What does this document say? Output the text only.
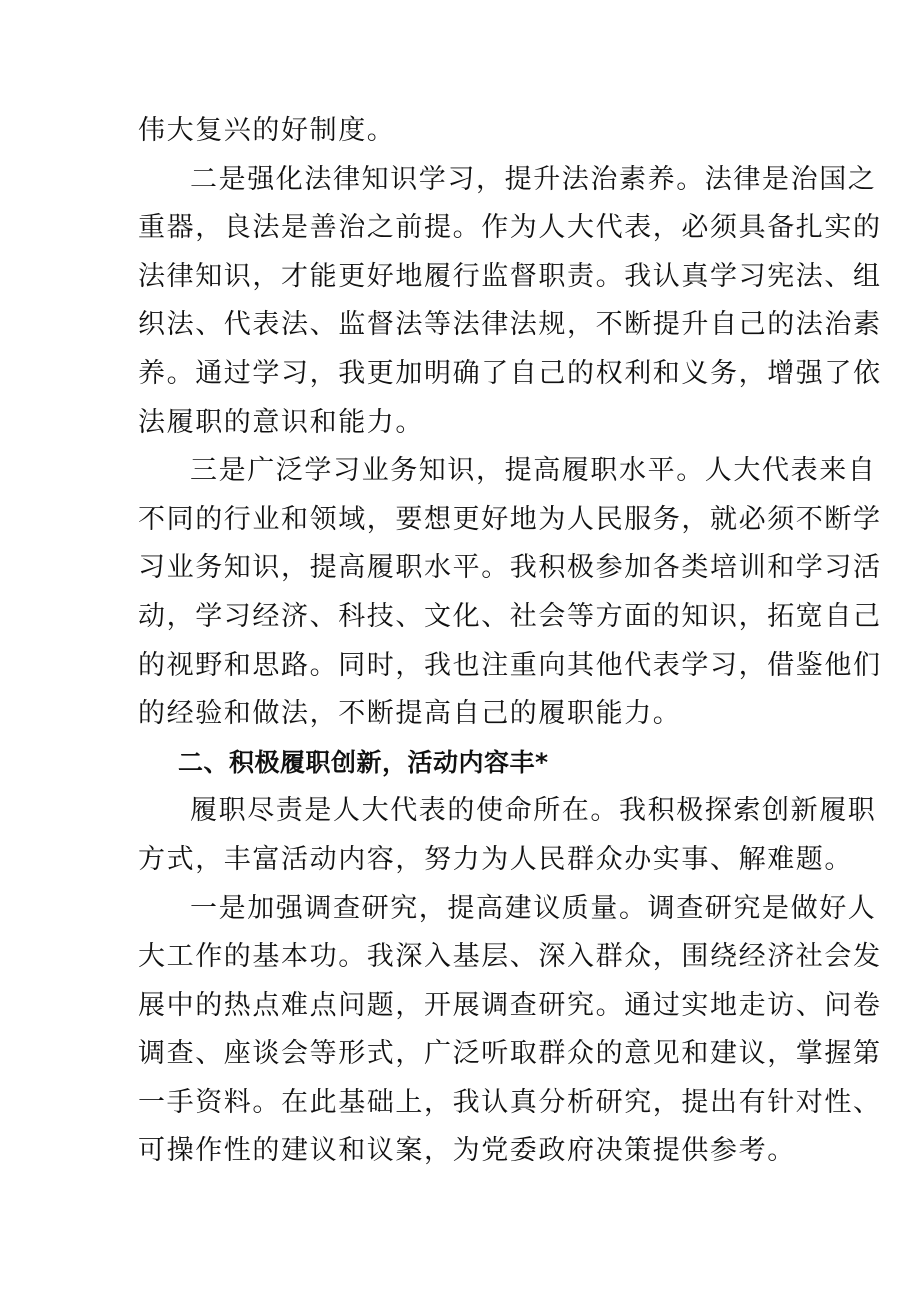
伟大复兴的好制度。
二是强化法律知识学习，提升法治素养。法律是治国之
重器，良法是善治之前提。作为人大代表，必须具备扎实的
法律知识，才能更好地履行监督职责。我认真学习宪法、组
织法、代表法、监督法等法律法规，不断提升自己的法治素
养。通过学习，我更加明确了自己的权利和义务，增强了依
法履职的意识和能力。
三是广泛学习业务知识，提高履职水平。人大代表来自
不同的行业和领域，要想更好地为人民服务，就必须不断学
习业务知识，提高履职水平。我积极参加各类培训和学习活
动，学习经济、科技、文化、社会等方面的知识，拓宽自己
的视野和思路。同时，我也注重向其他代表学习，借鉴他们
的经验和做法，不断提高自己的履职能力。
二、积极履职创新，活动内容丰*
履职尽责是人大代表的使命所在。我积极探索创新履职
方式，丰富活动内容，努力为人民群众办实事、解难题。
一是加强调查研究，提高建议质量。调查研究是做好人
大工作的基本功。我深入基层、深入群众，围绕经济社会发
展中的热点难点问题，开展调查研究。通过实地走访、问卷
调查、座谈会等形式，广泛听取群众的意见和建议，掌握第
一手资料。在此基础上，我认真分析研究，提出有针对性、
可操作性的建议和议案，为党委政府决策提供参考。
